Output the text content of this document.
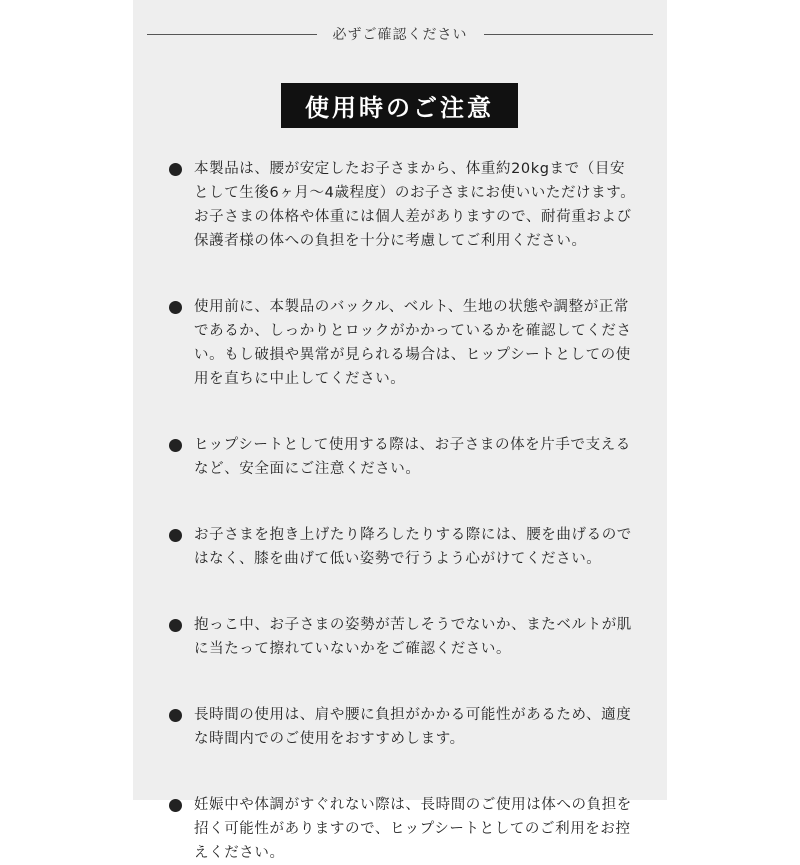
必ずご確認ください
使用時のご注意
本製品は、腰が安定したお子さまから、体重約20kgまで（目安として生後6ヶ月〜4歳程度）のお子さまにお使いいただけます。お子さまの体格や体重には個人差がありますので、耐荷重および保護者様の体への負担を十分に考慮してご利用ください。
使用前に、本製品のバックル、ベルト、生地の状態や調整が正常であるか、しっかりとロックがかかっているかを確認してください。もし破損や異常が見られる場合は、ヒップシートとしての使用を直ちに中止してください。
ヒップシートとして使用する際は、お子さまの体を片手で支えるなど、安全面にご注意ください。
お子さまを抱き上げたり降ろしたりする際には、腰を曲げるのではなく、膝を曲げて低い姿勢で行うよう心がけてください。
抱っこ中、お子さまの姿勢が苦しそうでないか、またベルトが肌に当たって擦れていないかをご確認ください。
長時間の使用は、肩や腰に負担がかかる可能性があるため、適度な時間内でのご使用をおすすめします。
妊娠中や体調がすぐれない際は、長時間のご使用は体への負担を招く可能性がありますので、ヒップシートとしてのご利用をお控えください。
